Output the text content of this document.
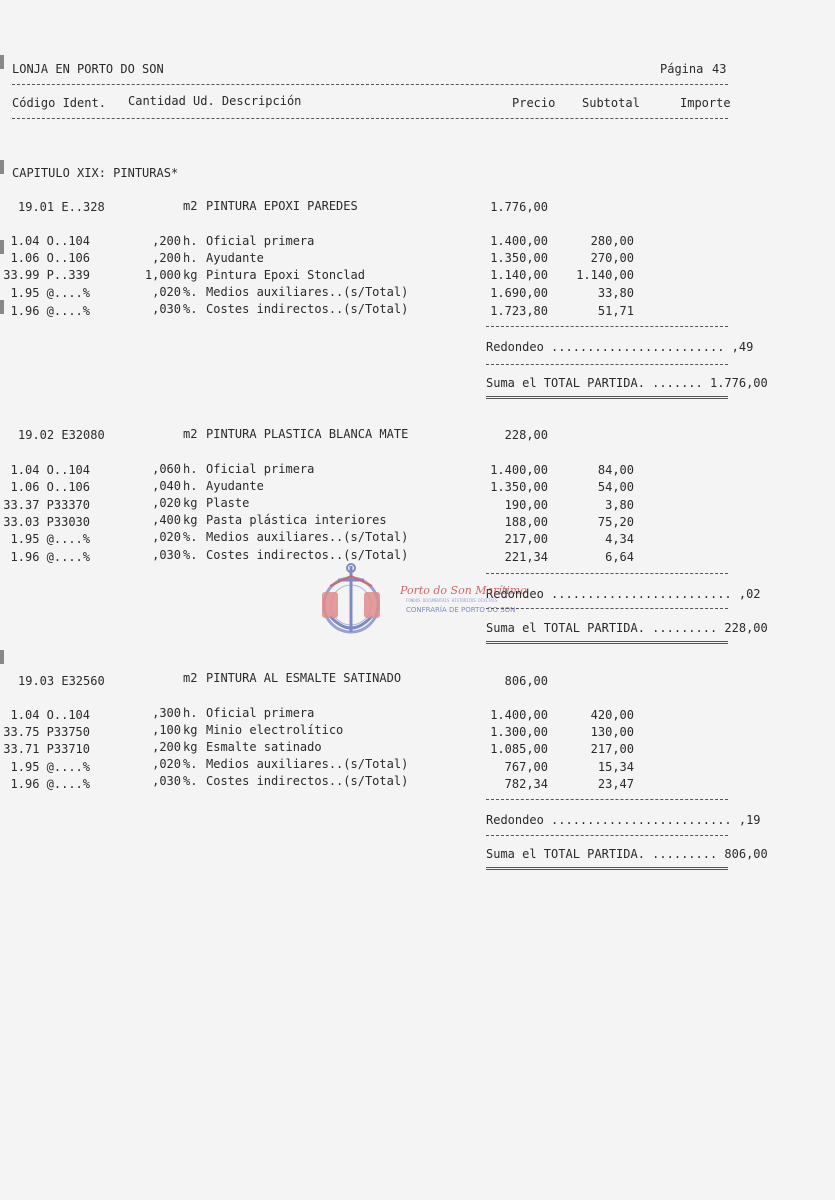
LONJA EN PORTO DO SON	Página 43
Código Ident. Cantidad Ud. Descripción	Precio Subtotal	Importe
CAPITULO XIX: PINTURAS*
19.01 E..328	m2 PINTURA EPOXI PAREDES	1.776,00
1.04 O..104	,200 h. Oficial primera	1.400,00	280,00
1.06 O..106	,200 h. Ayudante	1.350,00	270,00
33.99 P..339	1,000 kg Pintura Epoxi Stonclad	1.140,00 1.140,00
1.95 @....%	,020 %. Medios auxiliares..(s/Total)	1.690,00	33,80
1.96 @....%	,030 %. Costes indirectos..(s/Total)	1.723,80	51,71
Redondeo ........................ ,49
Suma el TOTAL PARTIDA. ....... 1.776,00
19.02 E32080	m2 PINTURA PLASTICA BLANCA MATE	228,00
1.04 O..104	,060 h. Oficial primera	1.400,00	84,00
1.06 O..106	,040 h. Ayudante	1.350,00	54,00
33.37 P33370	,020 kg Plaste	190,00	3,80
33.03 P33030	,400 kg Pasta plástica interiores	188,00	75,20
1.95 @....%	,020 %. Medios auxiliares..(s/Total)	217,00	4,34
1.96 @....%	,030 %. Costes indirectos..(s/Total)	221,34	6,64
Redondeo ......................... ,02
Suma el TOTAL PARTIDA. ......... 228,00
19.03 E32560	m2 PINTURA AL ESMALTE SATINADO	806,00
1.04 O..104	,300 h. Oficial primera	1.400,00	420,00
33.75 P33750	,100 kg Minio electrolítico	1.300,00	130,00
33.71 P33710	,200 kg Esmalte satinado	1.085,00	217,00
1.95 @....%	,020 %. Medios auxiliares..(s/Total)	767,00	15,34
1.96 @....%	,030 %. Costes indirectos..(s/Total)	782,34	23,47
Redondeo ......................... ,19
Suma el TOTAL PARTIDA. ......... 806,00
Porto do Son Marítimo
FONDOS DOCUMENTAIS HISTÓRICOS DIXITAIS
CONFRARÍA DE PORTO DO SON
